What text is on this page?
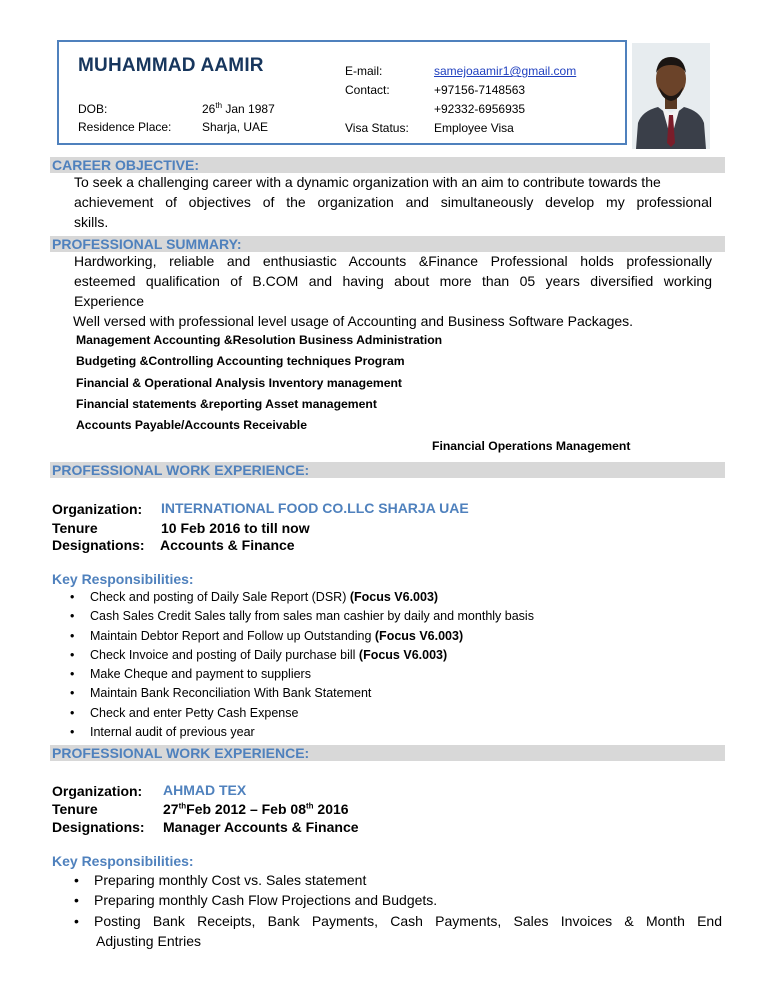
MUHAMMAD AAMIR	E-mail:	samejoaamir1@gmail.com
Contact:	+97156-7148563
+92332-6956935
DOB:	26th Jan 1987
Residence Place:	Sharja, UAE	Visa Status: Employee Visa
CAREER OBJECTIVE:
To seek a challenging career with a dynamic organization with an aim to contribute towards the
achievement of objectives of the organization and simultaneously develop my professional
skills.
PROFESSIONAL SUMMARY:
Hardworking, reliable and enthusiastic Accounts &Finance Professional holds professionally
esteemed qualification of B.COM and having about more than 05 years diversified working
Experience
Well versed with professional level usage of Accounting and Business Software Packages.
Management Accounting &Resolution Business Administration
Budgeting &Controlling Accounting techniques Program
Financial & Operational Analysis Inventory management
Financial statements &reporting Asset management
Accounts Payable/Accounts Receivable
Financial Operations Management
PROFESSIONAL WORK EXPERIENCE:
Organization: INTERNATIONAL FOOD CO.LLC SHARJA UAE
Tenure	10 Feb 2016 to till now
Designations: Accounts & Finance
Key Responsibilities:
• Check and posting of Daily Sale Report (DSR) (Focus V6.003)
• Cash Sales Credit Sales tally from sales man cashier by daily and monthly basis
• Maintain Debtor Report and Follow up Outstanding (Focus V6.003)
• Check Invoice and posting of Daily purchase bill (Focus V6.003)
• Make Cheque and payment to suppliers
• Maintain Bank Reconciliation With Bank Statement
• Check and enter Petty Cash Expense
• Internal audit of previous year
PROFESSIONAL WORK EXPERIENCE:
Organization: AHMAD TEX
Tenure	27thFeb 2012 – Feb 08th 2016
Designations: Manager Accounts & Finance
Key Responsibilities:
• Preparing monthly Cost vs. Sales statement
• Preparing monthly Cash Flow Projections and Budgets.
•	Posting Bank Receipts, Bank Payments, Cash Payments, Sales Invoices & Month End
Adjusting Entries
